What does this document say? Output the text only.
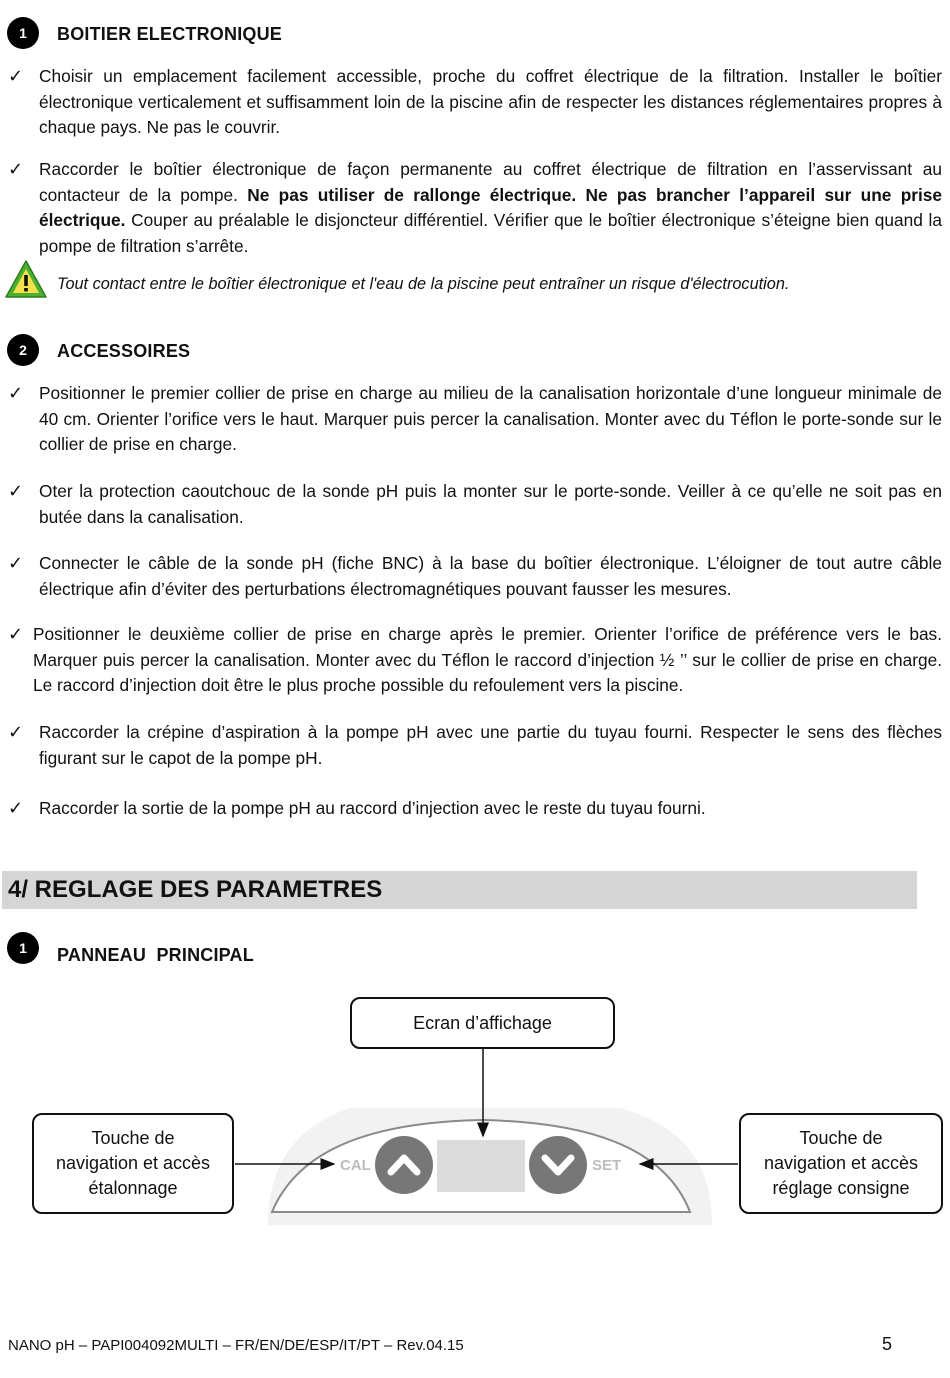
1	BOITIER ELECTRONIQUE
✓ Choisir un emplacement facilement accessible, proche du coffret électrique de la filtration. Installer le boîtier électronique verticalement et suffisamment loin de la piscine afin de respecter les distances réglementaires propres à chaque pays. Ne pas le couvrir.
✓ Raccorder le boîtier électronique de façon permanente au coffret électrique de filtration en l’asservissant au contacteur de la pompe. Ne pas utiliser de rallonge électrique. Ne pas brancher l’appareil sur une prise électrique. Couper au préalable le disjoncteur différentiel. Vérifier que le boîtier électronique s’éteigne bien quand la pompe de filtration s’arrête.
Tout contact entre le boîtier électronique et l'eau de la piscine peut entraîner un risque d'électrocution.
2	ACCESSOIRES
✓ Positionner le premier collier de prise en charge au milieu de la canalisation horizontale d’une longueur minimale de 40 cm. Orienter l’orifice vers le haut. Marquer puis percer la canalisation. Monter avec du Téflon le porte-sonde sur le collier de prise en charge.
✓ Oter la protection caoutchouc de la sonde pH puis la monter sur le porte-sonde. Veiller à ce qu’elle ne soit pas en butée dans la canalisation.
✓ Connecter le câble de la sonde pH (fiche BNC) à la base du boîtier électronique. L’éloigner de tout autre câble électrique afin d’éviter des perturbations électromagnétiques pouvant fausser les mesures.
✓ Positionner le deuxième collier de prise en charge après le premier. Orienter l’orifice de préférence vers le bas. Marquer puis percer la canalisation. Monter avec du Téflon le raccord d’injection ½ ’’ sur le collier de prise en charge. Le raccord d’injection doit être le plus proche possible du refoulement vers la piscine.
✓ Raccorder la crépine d’aspiration à la pompe pH avec une partie du tuyau fourni. Respecter le sens des flèches figurant sur le capot de la pompe pH.
✓ Raccorder la sortie de la pompe pH au raccord d’injection avec le reste du tuyau fourni.
4/ REGLAGE DES PARAMETRES
1	PANNEAU  PRINCIPAL
CAL	SET
Ecran d’affichage
Touche de
navigation et accès
étalonnage
Touche de
navigation et accès
réglage consigne
NANO pH – PAPI004092MULTI – FR/EN/DE/ESP/IT/PT – Rev.04.15	5
